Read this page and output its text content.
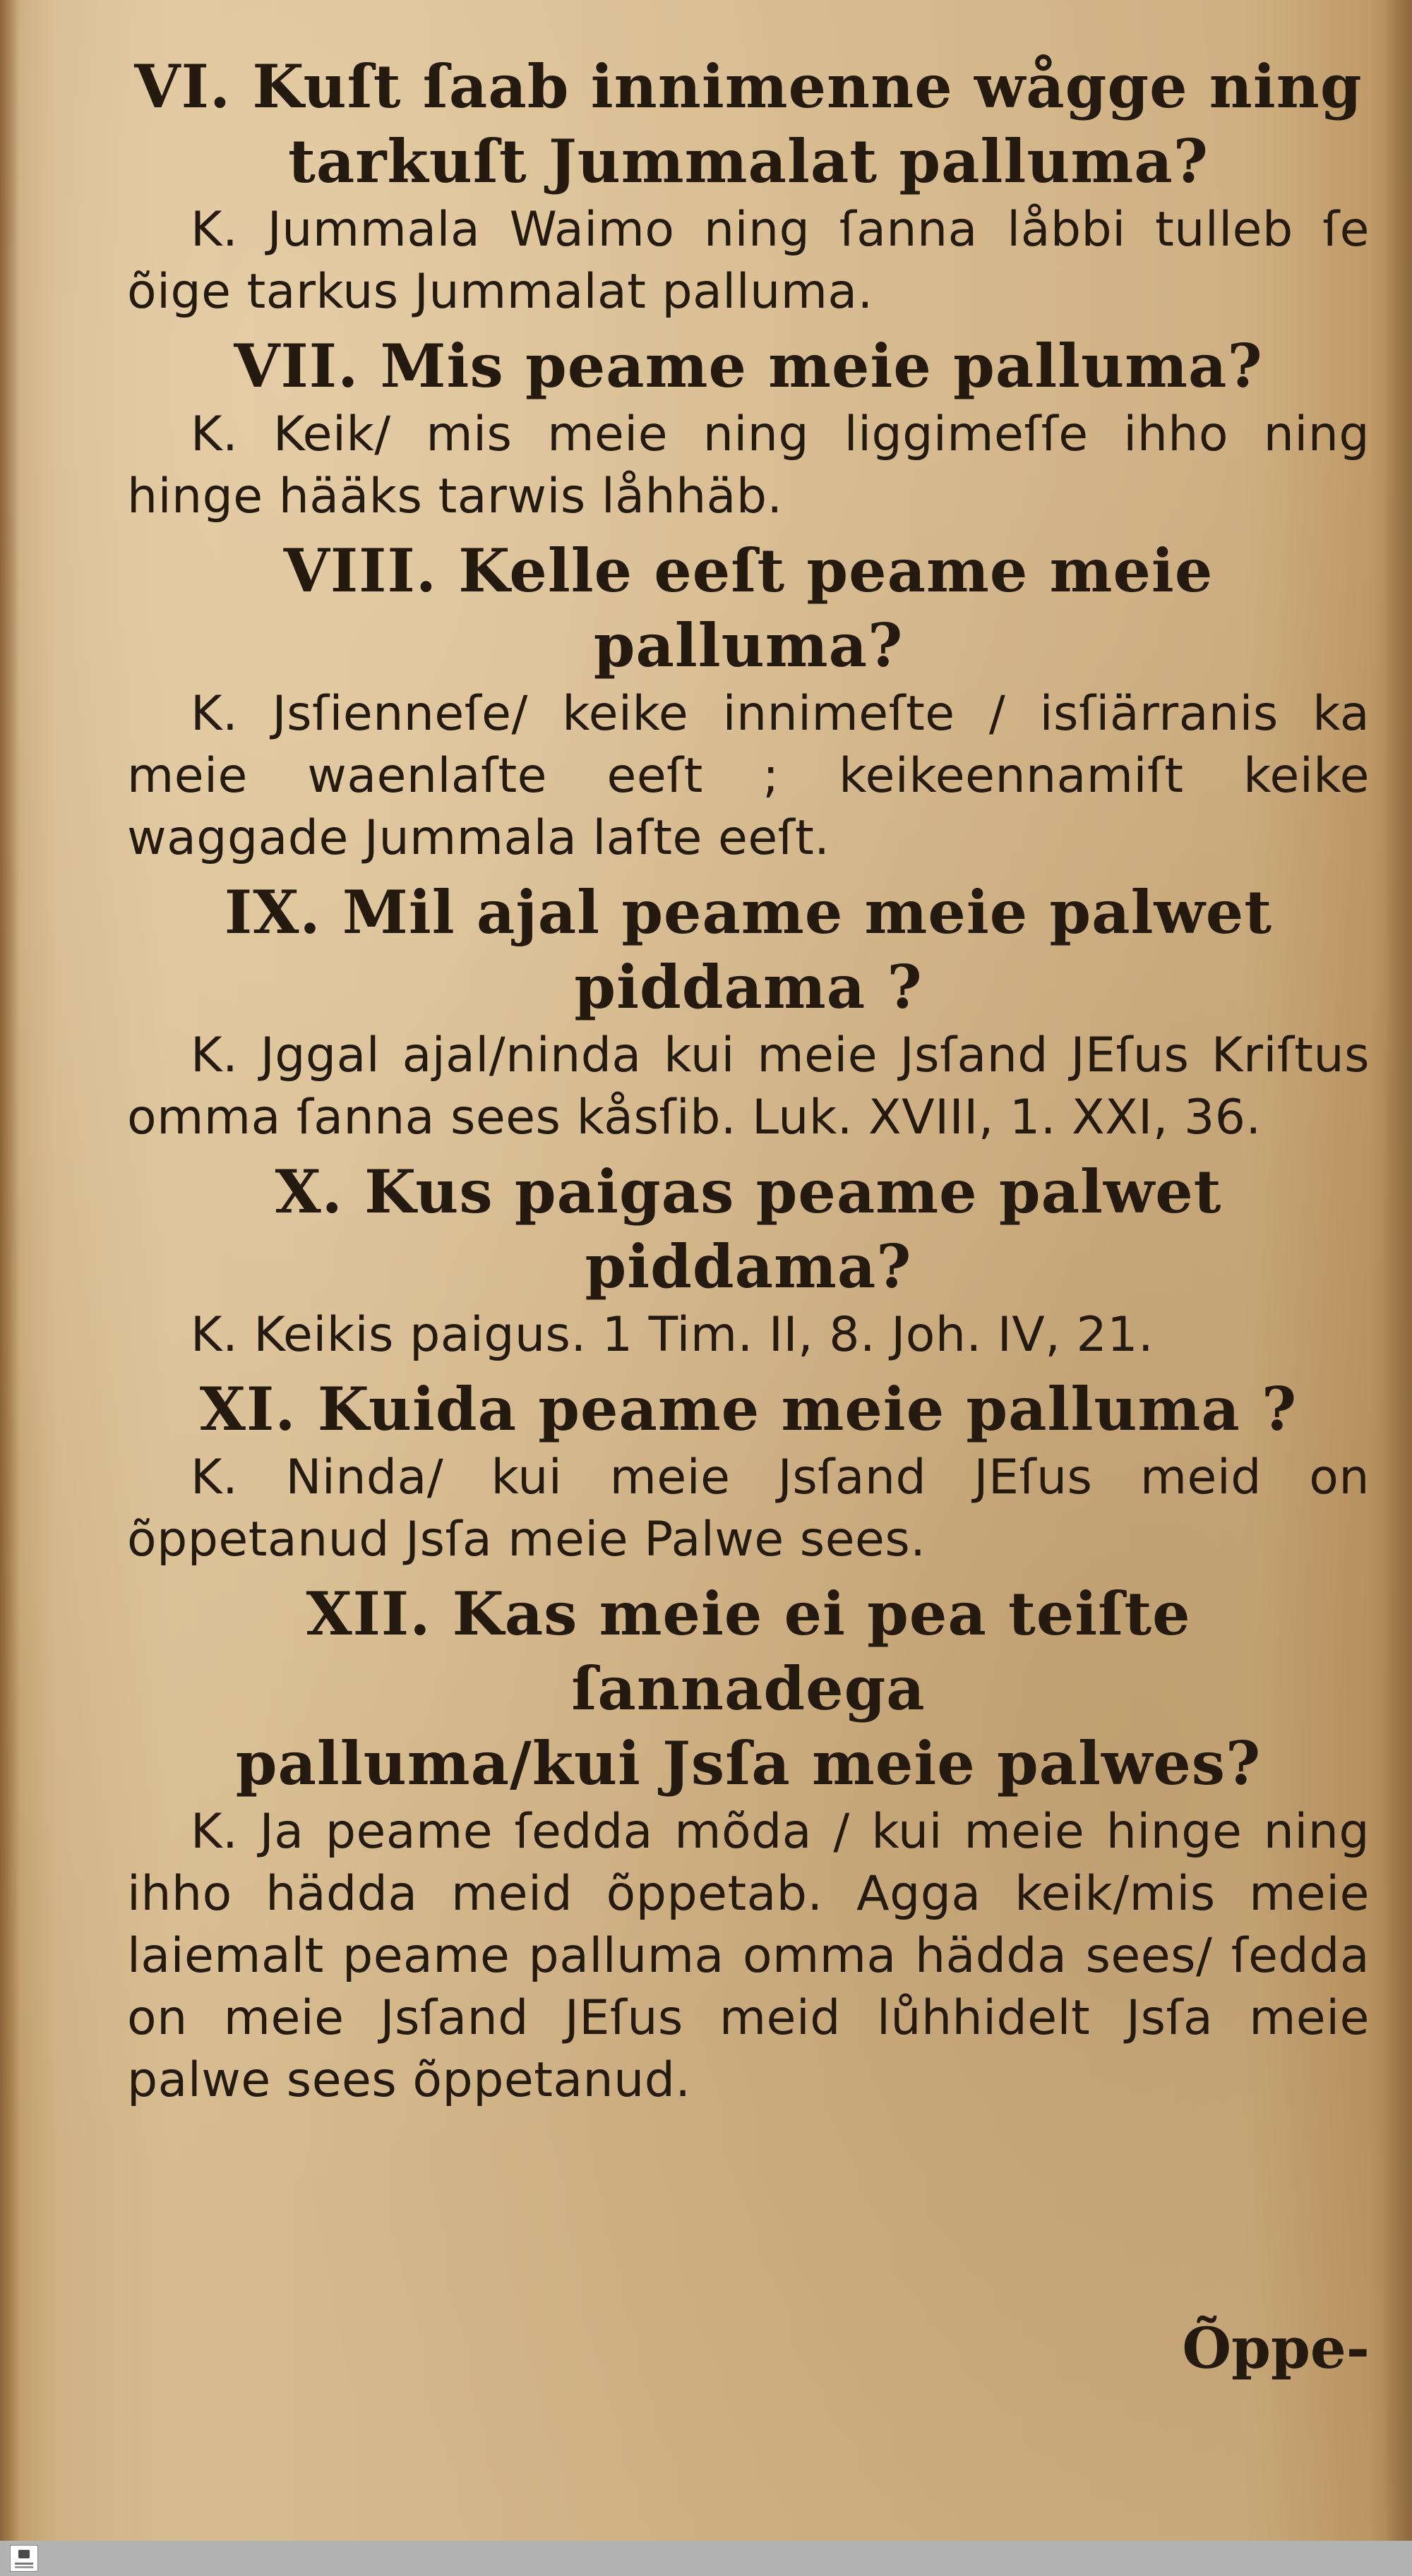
VI. Kuſt ſaab innimenne wågge ning

tarkuſt Jummalat palluma?

K. Jummala Waimo ning ſanna låbbi tulleb ſe õige tarkus Jummalat palluma.

VII. Mis peame meie palluma?

K. Keik/ mis meie ning liggimeſſe ihho ning hinge hääks tarwis låhhäb.

VIII. Kelle eeſt peame meie palluma?

K. Jsſienneſe/ keike innimeſte / isſiärranis ka meie waenlaſte eeſt ; keikeennamiſt keike waggade Jummala laſte eeſt.

IX. Mil ajal peame meie palwet

piddama ?

K. Jggal ajal/ninda kui meie Jsſand JEſus Kriſtus omma ſanna sees kåsſib. Luk. XVIII, 1. XXI, 36.

X. Kus paigas peame palwet

piddama?

K. Keikis paigus. 1 Tim. II, 8. Joh. IV, 21.

XI. Kuida peame meie palluma ?

K. Ninda/ kui meie Jsſand JEſus meid on õppetanud Jsſa meie Palwe sees.

XII. Kas meie ei pea teiſte ſannadega

palluma/kui Jsſa meie palwes?

K. Ja peame ſedda mõda / kui meie hinge ning ihho hädda meid õppetab. Agga keik/mis meie laiemalt peame palluma omma hädda sees/ ſedda on meie Jsſand JEſus meid lůhhidelt Jsſa meie palwe sees õppetanud.

Õppe-
